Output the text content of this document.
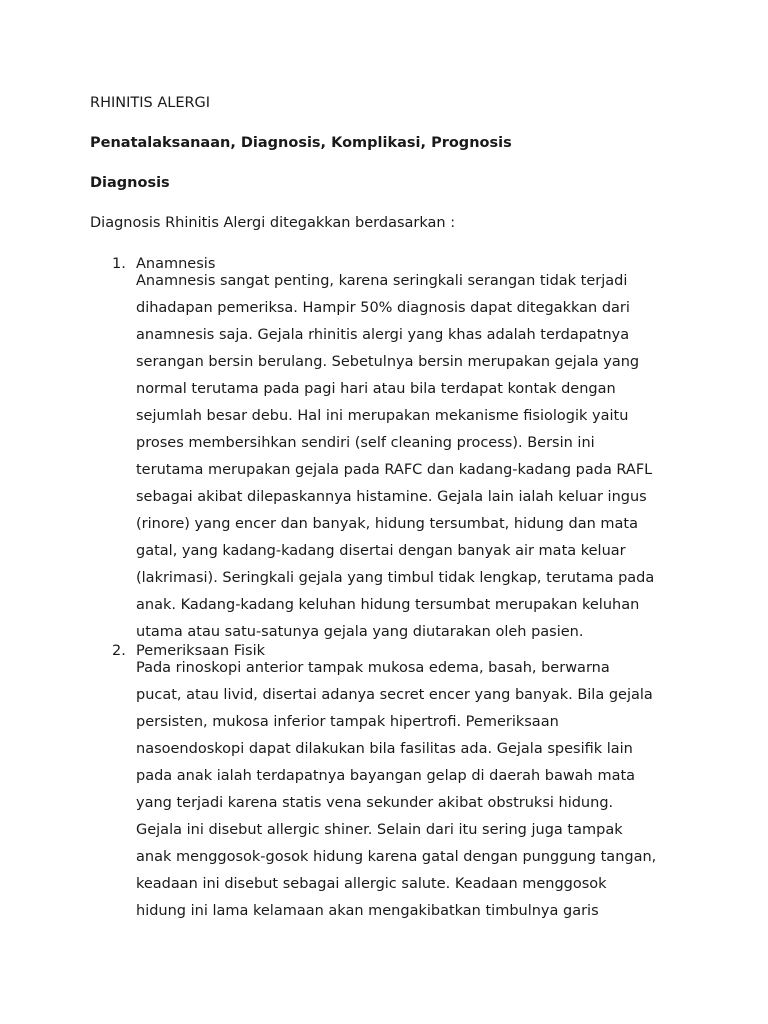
RHINITIS ALERGI
Penatalaksanaan, Diagnosis, Komplikasi, Prognosis
Diagnosis
Diagnosis Rhinitis Alergi ditegakkan berdasarkan :
1. Anamnesis
Anamnesis sangat penting, karena seringkali serangan tidak terjadi
dihadapan pemeriksa. Hampir 50% diagnosis dapat ditegakkan dari
anamnesis saja. Gejala rhinitis alergi yang khas adalah terdapatnya
serangan bersin berulang. Sebetulnya bersin merupakan gejala yang
normal terutama pada pagi hari atau bila terdapat kontak dengan
sejumlah besar debu. Hal ini merupakan mekanisme fisiologik yaitu
proses membersihkan sendiri (self cleaning process). Bersin ini
terutama merupakan gejala pada RAFC dan kadang-kadang pada RAFL
sebagai akibat dilepaskannya histamine. Gejala lain ialah keluar ingus
(rinore) yang encer dan banyak, hidung tersumbat, hidung dan mata
gatal, yang kadang-kadang disertai dengan banyak air mata keluar
(lakrimasi). Seringkali gejala yang timbul tidak lengkap, terutama pada
anak. Kadang-kadang keluhan hidung tersumbat merupakan keluhan
utama atau satu-satunya gejala yang diutarakan oleh pasien.
2. Pemeriksaan Fisik
Pada rinoskopi anterior tampak mukosa edema, basah, berwarna
pucat, atau livid, disertai adanya secret encer yang banyak. Bila gejala
persisten, mukosa inferior tampak hipertrofi. Pemeriksaan
nasoendoskopi dapat dilakukan bila fasilitas ada. Gejala spesifik lain
pada anak ialah terdapatnya bayangan gelap di daerah bawah mata
yang terjadi karena statis vena sekunder akibat obstruksi hidung.
Gejala ini disebut allergic shiner. Selain dari itu sering juga tampak
anak menggosok-gosok hidung karena gatal dengan punggung tangan,
keadaan ini disebut sebagai allergic salute. Keadaan menggosok
hidung ini lama kelamaan akan mengakibatkan timbulnya garis
